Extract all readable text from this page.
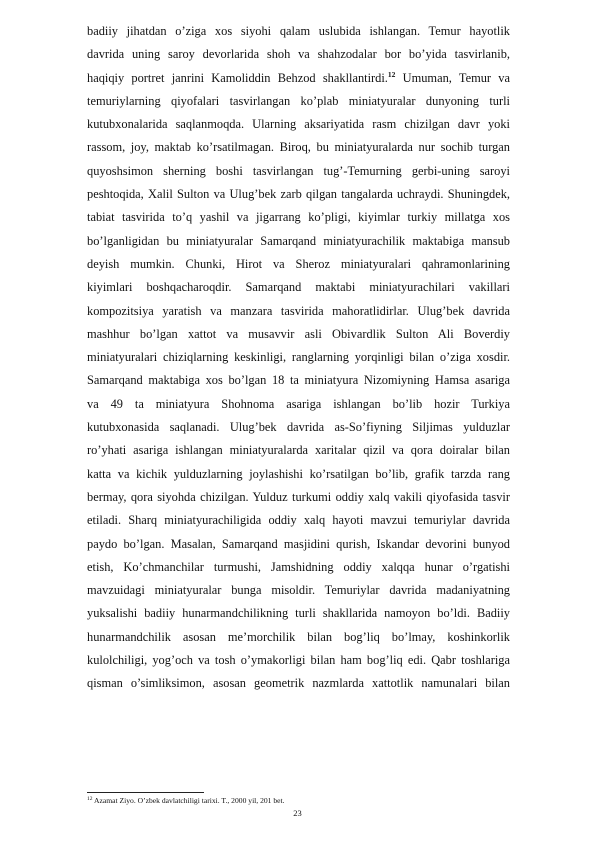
badiiy jihatdan o’ziga xos siyohi qalam uslubida ishlangan. Temur hayotlik
davrida uning saroy devorlarida shoh va shahzodalar bor bo’yida tasvirlanib,
haqiqiy portret janrini Kamoliddin Behzod shakllantirdi.$^{12}$ Umuman, Temur va
temuriylarning qiyofalari tasvirlangan ko’plab miniatyuralar dunyoning turli
kutubxonalarida saqlanmoqda. Ularning aksariyatida rasm chizilgan davr yoki
rassom, joy, maktab ko’rsatilmagan. Biroq, bu miniatyuralarda nur sochib turgan
quyoshsimon sherning boshi tasvirlangan tug’-Temurning gerbi-uning saroyi
peshtoqida, Xalil Sulton va Ulug’bek zarb qilgan tangalarda uchraydi. Shuningdek,
tabiat tasvirida to’q yashil va jigarrang ko’pligi, kiyimlar turkiy millatga xos
bo’lganligidan bu miniatyuralar Samarqand miniatyurachilik maktabiga mansub
deyish mumkin. Chunki, Hirot va Sheroz miniatyuralari qahramonlarining
kiyimlari boshqacharoqdir. Samarqand maktabi miniatyurachilari vakillari
kompozitsiya yaratish va manzara tasvirida mahoratlidirlar. Ulug’bek davrida
mashhur bo’lgan xattot va musavvir asli Obivardlik Sulton Ali Boverdiy
miniatyuralari chiziqlarning keskinligi, ranglarning yorqinligi bilan o’ziga xosdir.
Samarqand maktabiga xos bo’lgan 18 ta miniatyura Nizomiyning Hamsa asariga
va 49 ta miniatyura Shohnoma asariga ishlangan bo’lib hozir Turkiya
kutubxonasida saqlanadi. Ulug’bek davrida as-So’fiyning Siljimas yulduzlar
ro’yhati asariga ishlangan miniatyuralarda xaritalar qizil va qora doiralar bilan
katta va kichik yulduzlarning joylashishi ko’rsatilgan bo’lib, grafik tarzda rang
bermay, qora siyohda chizilgan. Yulduz turkumi oddiy xalq vakili qiyofasida tasvir
etiladi. Sharq miniatyurachiligida oddiy xalq hayoti mavzui temuriylar davrida
paydo bo’lgan. Masalan, Samarqand masjidini qurish, Iskandar devorini bunyod
etish, Ko’chmanchilar turmushi, Jamshidning oddiy xalqqa hunar o’rgatishi
mavzuidagi miniatyuralar bunga misoldir. Temuriylar davrida madaniyatning
yuksalishi badiiy hunarmandchilikning turli shakllarida namoyon bo’ldi. Badiiy
hunarmandchilik asosan me’morchilik bilan bog’liq bo’lmay, koshinkorlik
kulolchiligi, yog’och va tosh o’ymakorligi bilan ham bog’liq edi. Qabr toshlariga
qisman o’simliksimon, asosan geometrik nazmlarda xattotlik namunalari bilan
$^{12}$ Azamat Ziyo. O’zbek davlatchiligi tarixi. T., 2000 yil, 201 bet.
23
